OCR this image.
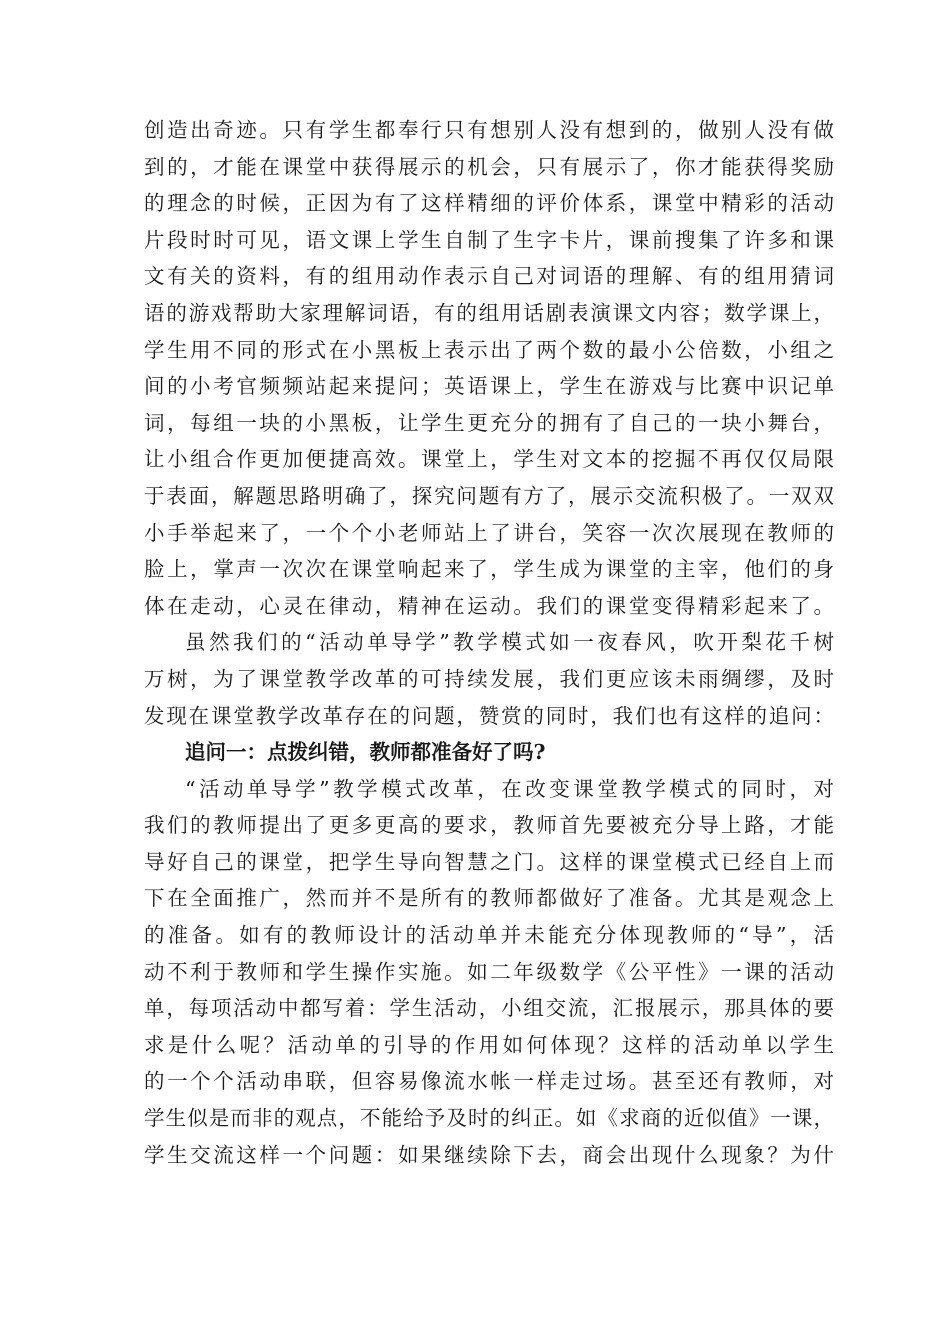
创造出奇迹。只有学生都奉行只有想别人没有想到的，做别人没有做
到的，才能在课堂中获得展示的机会，只有展示了，你才能获得奖励
的理念的时候，正因为有了这样精细的评价体系，课堂中精彩的活动
片段时时可见，语文课上学生自制了生字卡片，课前搜集了许多和课
文有关的资料，有的组用动作表示自己对词语的理解、有的组用猜词
语的游戏帮助大家理解词语，有的组用话剧表演课文内容；数学课上，
学生用不同的形式在小黑板上表示出了两个数的最小公倍数，小组之
间的小考官频频站起来提问；英语课上，学生在游戏与比赛中识记单
词，每组一块的小黑板，让学生更充分的拥有了自己的一块小舞台，
让小组合作更加便捷高效。课堂上，学生对文本的挖掘不再仅仅局限
于表面，解题思路明确了，探究问题有方了，展示交流积极了。一双双
小手举起来了，一个个小老师站上了讲台，笑容一次次展现在教师的
脸上，掌声一次次在课堂响起来了，学生成为课堂的主宰，他们的身
体在走动，心灵在律动，精神在运动。我们的课堂变得精彩起来了。
虽然我们的“活动单导学”教学模式如一夜春风，吹开梨花千树
万树，为了课堂教学改革的可持续发展，我们更应该未雨绸缪，及时
发现在课堂教学改革存在的问题，赞赏的同时，我们也有这样的追问：
追问一：点拨纠错，教师都准备好了吗?
“活动单导学”教学模式改革，在改变课堂教学模式的同时，对
我们的教师提出了更多更高的要求，教师首先要被充分导上路，才能
导好自己的课堂，把学生导向智慧之门。这样的课堂模式已经自上而
下在全面推广，然而并不是所有的教师都做好了准备。尤其是观念上
的准备。如有的教师设计的活动单并未能充分体现教师的“导”，活
动不利于教师和学生操作实施。如二年级数学《公平性》一课的活动
单，每项活动中都写着：学生活动，小组交流，汇报展示，那具体的要
求是什么呢？活动单的引导的作用如何体现？这样的活动单以学生
的一个个活动串联，但容易像流水帐一样走过场。甚至还有教师，对
学生似是而非的观点，不能给予及时的纠正。如《求商的近似值》一课，
学生交流这样一个问题：如果继续除下去，商会出现什么现象？为什
